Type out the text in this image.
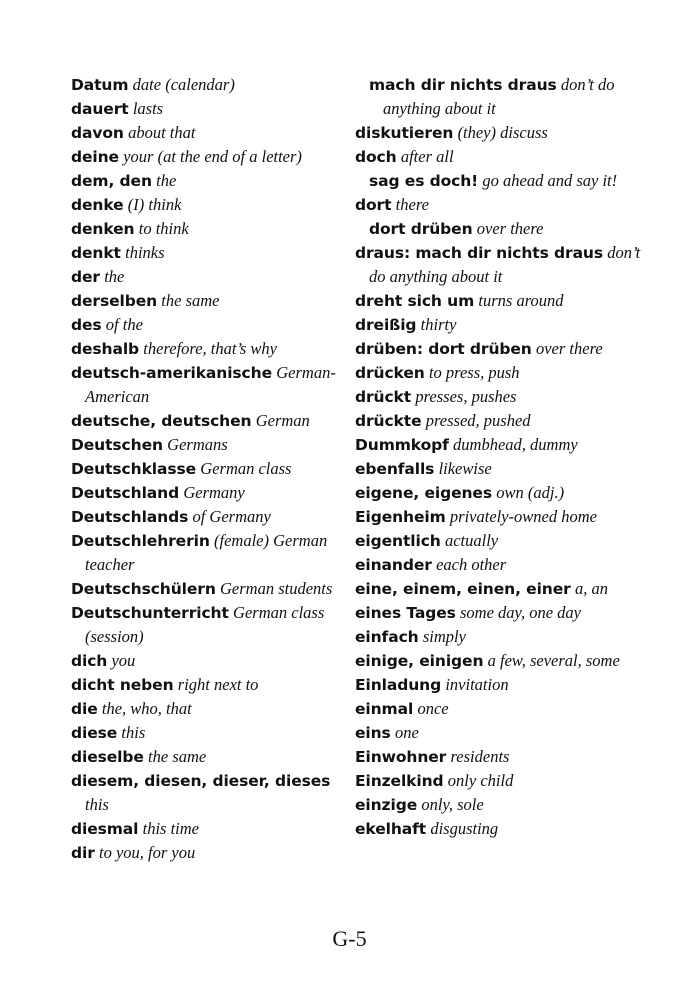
Datum date (calendar)
dauert lasts
davon about that
deine your (at the end of a letter)
dem, den the
denke (I) think
denken to think
denkt thinks
der the
derselben the same
des of the
deshalb therefore, that’s why
deutsch-amerikanische German-American
deutsche, deutschen German
Deutschen Germans
Deutschklasse German class
Deutschland Germany
Deutschlands of Germany
Deutschlehrerin (female) German teacher
Deutschschülern German students
Deutschunterricht German class (session)
dich you
dicht neben right next to
die the, who, that
diese this
dieselbe the same
diesem, diesen, dieser, dieses this
diesmal this time
dir to you, for you
mach dir nichts draus don’t do anything about it
diskutieren (they) discuss
doch after all
sag es doch! go ahead and say it!
dort there
dort drüben over there
draus: mach dir nichts draus don’t do anything about it
dreht sich um turns around
dreißig thirty
drüben: dort drüben over there
drücken to press, push
drückt presses, pushes
drückte pressed, pushed
Dummkopf dumbhead, dummy
ebenfalls likewise
eigene, eigenes own (adj.)
Eigenheim privately-owned home
eigentlich actually
einander each other
eine, einem, einen, einer a, an
eines Tages some day, one day
einfach simply
einige, einigen a few, several, some
Einladung invitation
einmal once
eins one
Einwohner residents
Einzelkind only child
einzige only, sole
ekelhaft disgusting
G-5
